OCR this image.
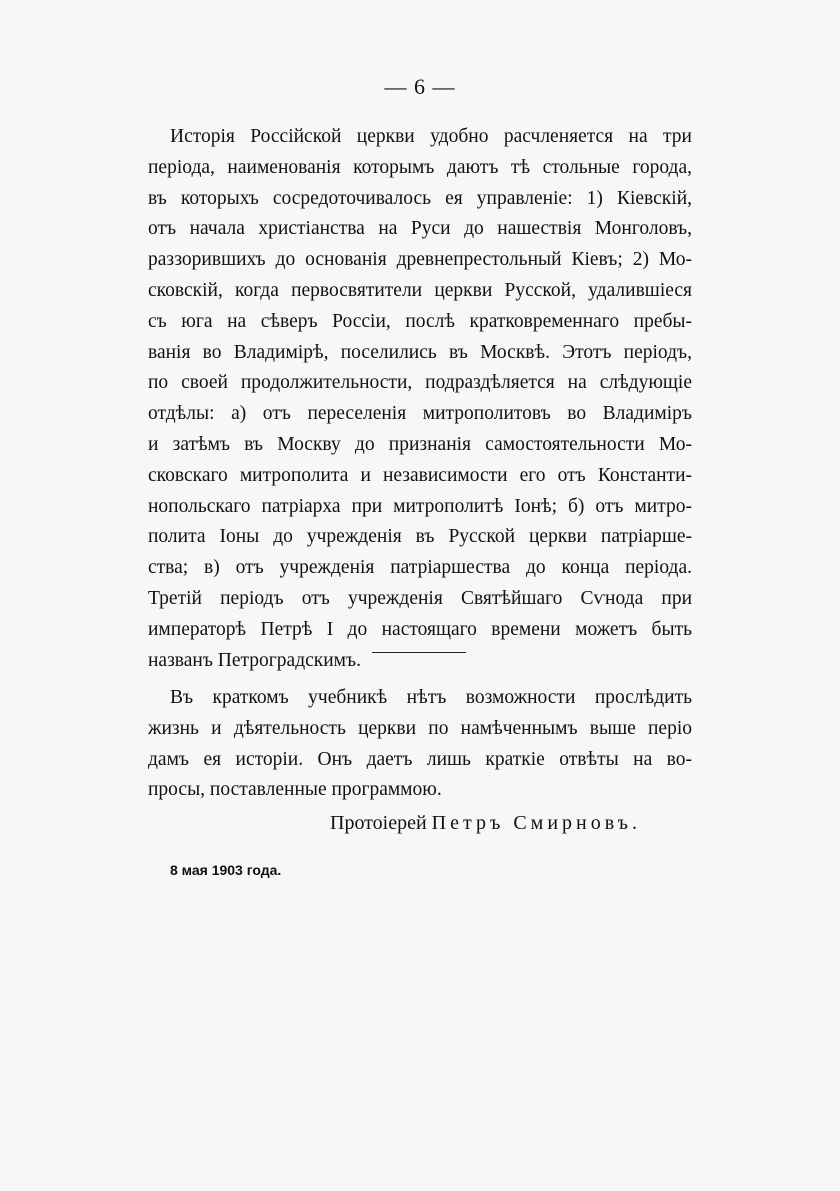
— 6 —
Исторія Россійской церкви удобно расчленяется на три
періода, наименованія которымъ даютъ тѣ стольные города,
въ которыхъ сосредоточивалось ея управленіе: 1) Кіевскій,
отъ начала христіанства на Руси до нашествія Монголовъ,
раззорившихъ до основанія древнепрестольный Кіевъ; 2) Мо-
сковскій, когда первосвятители церкви Русской, удалившіеся
съ юга на сѣверъ Россіи, послѣ кратковременнаго пребы-
ванія во Владимірѣ, поселились въ Москвѣ. Этотъ періодъ,
по своей продолжительности, подраздѣляется на слѣдующіе
отдѣлы: а) отъ переселенія митрополитовъ во Владиміръ
и затѣмъ въ Москву до признанія самостоятельности Мо-
сковскаго митрополита и независимости его отъ Константи-
нопольскаго патріарха при митрополитѣ Іонѣ; б) отъ митро-
полита Іоны до учрежденія въ Русской церкви патріаршe-
ства; в) отъ учрежденія патріаршества до конца періода.
Третій періодъ отъ учрежденія Святѣйшаго Сѵнода при
императорѣ Петрѣ I до настоящаго времени можетъ быть
названъ Петроградскимъ.
Въ краткомъ учебникѣ нѣтъ возможности прослѣдить
жизнь и дѣятельность церкви по намѣченнымъ выше періо
дамъ ея исторіи. Онъ даетъ лишь краткіе отвѣты на во-
просы, поставленные программою.
Протоіерей Петръ Смирновъ.
8 мая 1903 года.
